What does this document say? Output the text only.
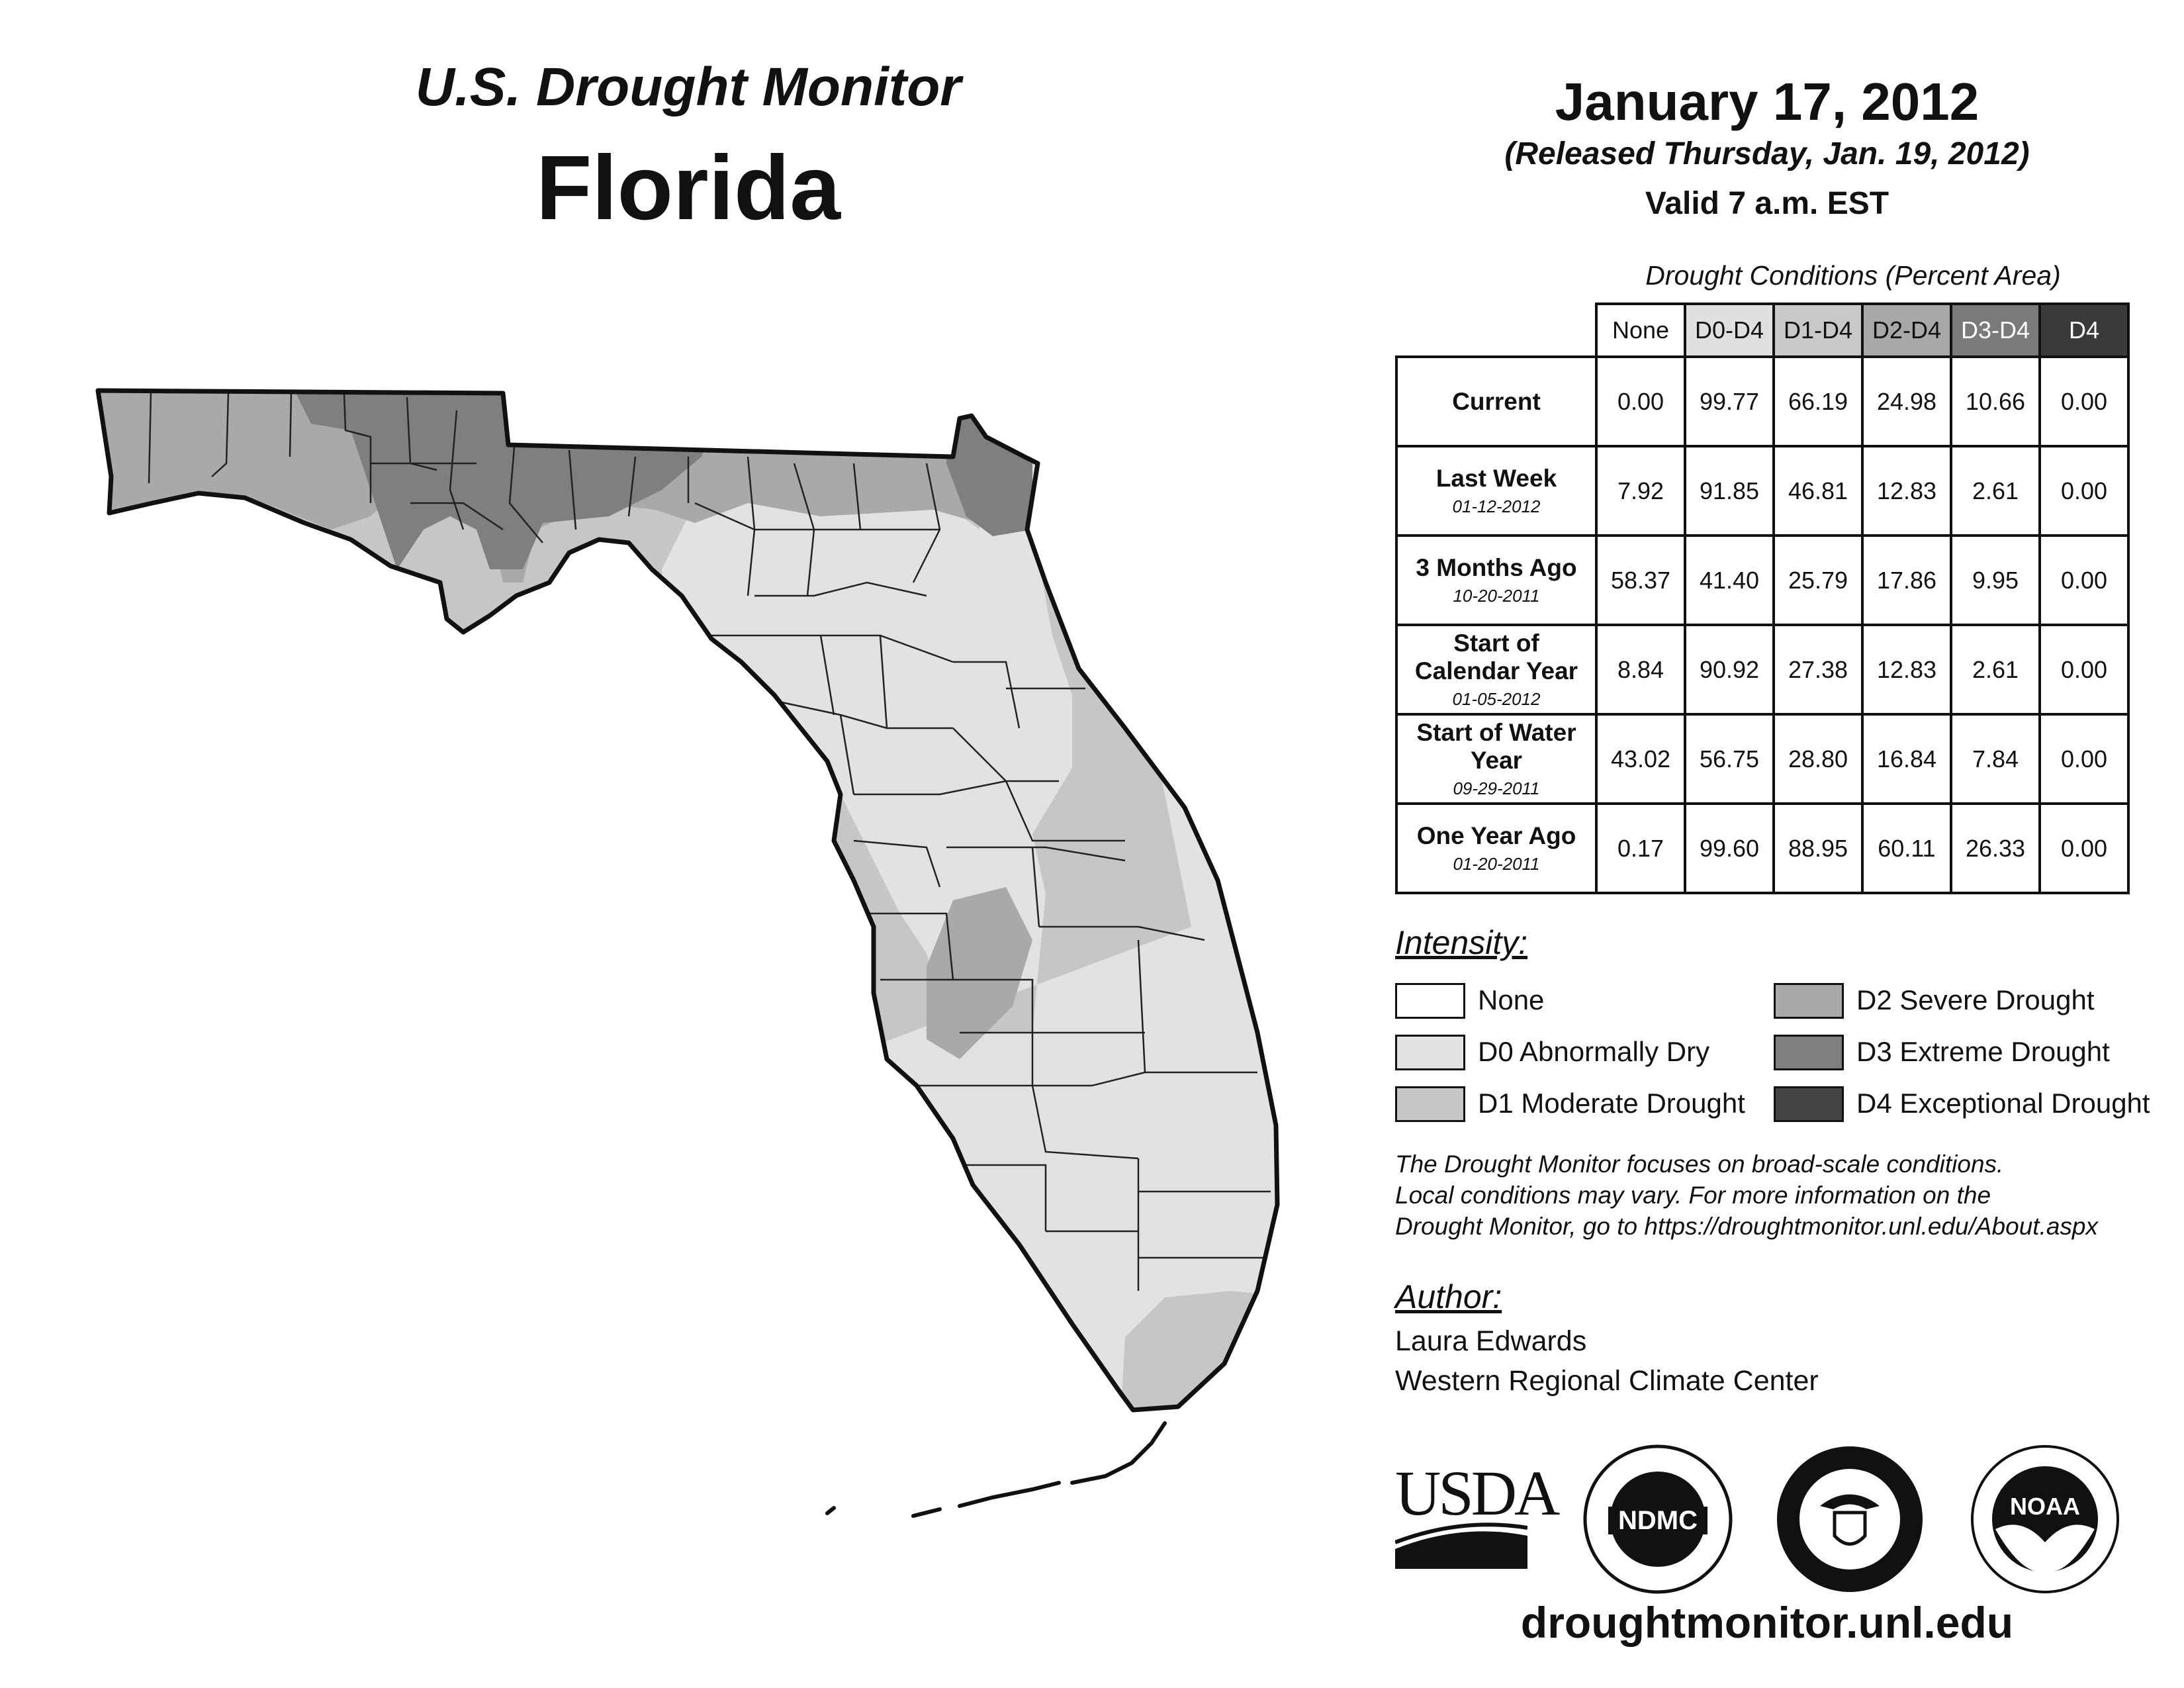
U.S. Drought Monitor
Florida
January 17, 2012
(Released Thursday, Jan. 19, 2012)
Valid 7 a.m. EST
Drought Conditions (Percent Area)
	None	D0-D4	D1-D4	D2-D4	D3-D4	D4

Current	0.00	99.77	66.19	24.98	10.66	0.00

Last Week
01-12-2012	7.92	91.85	46.81	12.83	2.61	0.00

3 Months Ago
10-20-2011	58.37	41.40	25.79	17.86	9.95	0.00

Start of Calendar Year
01-05-2012	8.84	90.92	27.38	12.83	2.61	0.00

Start of Water Year
09-29-2011	43.02	56.75	28.80	16.84	7.84	0.00

One Year Ago
01-20-2011	0.17	99.60	88.95	60.11	26.33	0.00
Intensity:
None
D0 Abnormally Dry
D1 Moderate Drought
D2 Severe Drought
D3 Extreme Drought
D4 Exceptional Drought
The Drought Monitor focuses on broad-scale conditions.
Local conditions may vary. For more information on the
Drought Monitor, go to https://droughtmonitor.unl.edu/About.aspx
Author:
Laura Edwards
Western Regional Climate Center
USDA NDMC	NOAA
droughtmonitor.unl.edu
